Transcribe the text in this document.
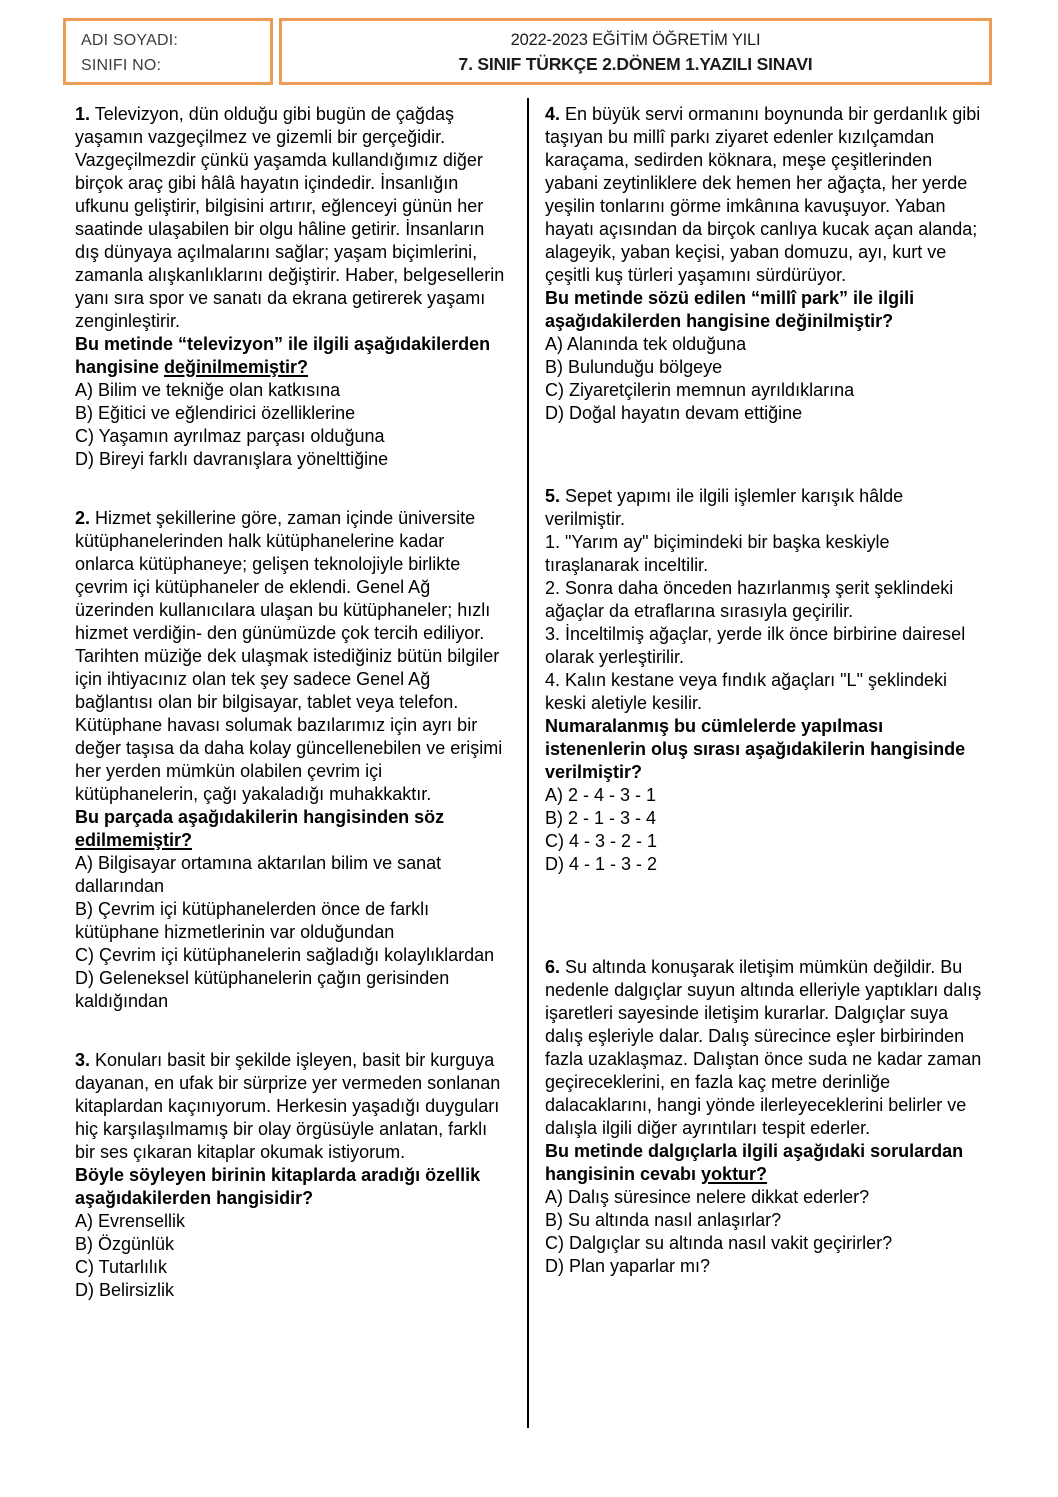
ADI SOYADI:
SINIFI NO:
2022-2023 EĞİTİM ÖĞRETİM YILI
7. SINIF TÜRKÇE 2.DÖNEM 1.YAZILI SINAVI

1. Televizyon, dün olduğu gibi bugün de çağdaş yaşamın vazgeçilmez ve gizemli bir gerçeğidir. Vazgeçilmezdir çünkü yaşamda kullandığımız diğer birçok araç gibi hâlâ hayatın içindedir. İnsanlığın ufkunu geliştirir, bilgisini artırır, eğlenceyi günün her saatinde ulaşabilen bir olgu hâline getirir. İnsanların dış dünyaya açılmalarını sağlar; yaşam biçimlerini, zamanla alışkanlıklarını değiştirir. Haber, belgesellerin yanı sıra spor ve sanatı da ekrana getirerek yaşamı zenginleştirir.

Bu metinde “televizyon” ile ilgili aşağıdakilerden hangisine değinilmemiştir?

A) Bilim ve tekniğe olan katkısına
B) Eğitici ve eğlendirici özelliklerine
C) Yaşamın ayrılmaz parçası olduğuna
D) Bireyi farklı davranışlara yönelttiğine

2. Hizmet şekillerine göre, zaman içinde üniversite kütüphanelerinden halk kütüphanelerine kadar onlarca kütüphaneye; gelişen teknolojiyle birlikte çevrim içi kütüphaneler de eklendi. Genel Ağ üzerinden kullanıcılara ulaşan bu kütüphaneler; hızlı hizmet verdiğin- den günümüzde çok tercih ediliyor. Tarihten müziğe dek ulaşmak istediğiniz bütün bilgiler için ihtiyacınız olan tek şey sadece Genel Ağ bağlantısı olan bir bilgisayar, tablet veya telefon. Kütüphane havası solumak bazılarımız için ayrı bir değer taşısa da daha kolay güncellenebilen ve erişimi her yerden mümkün olabilen çevrim içi kütüphanelerin, çağı yakaladığı muhakkaktır.

Bu parçada aşağıdakilerin hangisinden söz edilmemiştir?

A) Bilgisayar ortamına aktarılan bilim ve sanat dallarından
B) Çevrim içi kütüphanelerden önce de farklı kütüphane hizmetlerinin var olduğundan
C) Çevrim içi kütüphanelerin sağladığı kolaylıklardan
D) Geleneksel kütüphanelerin çağın gerisinden kaldığından

3. Konuları basit bir şekilde işleyen, basit bir kurguya dayanan, en ufak bir sürprize yer vermeden sonlanan kitaplardan kaçınıyorum. Herkesin yaşadığı duyguları hiç karşılaşılmamış bir olay örgüsüyle anlatan, farklı bir ses çıkaran kitaplar okumak istiyorum.

Böyle söyleyen birinin kitaplarda aradığı özellik aşağıdakilerden hangisidir?

A) Evrensellik
B) Özgünlük
C) Tutarlılık
D) Belirsizlik

4. En büyük servi ormanını boynunda bir gerdanlık gibi taşıyan bu millî parkı ziyaret edenler kızılçamdan karaçama, sedirden köknara, meşe çeşitlerinden yabani zeytinliklere dek hemen her ağaçta, her yerde yeşilin tonlarını görme imkânına kavuşuyor. Yaban hayatı açısından da birçok canlıya kucak açan alanda; alageyik, yaban keçisi, yaban domuzu, ayı, kurt ve çeşitli kuş türleri yaşamını sürdürüyor.

Bu metinde sözü edilen “millî park” ile ilgili aşağıdakilerden hangisine değinilmiştir?

A) Alanında tek olduğuna
B) Bulunduğu bölgeye
C) Ziyaretçilerin memnun ayrıldıklarına
D) Doğal hayatın devam ettiğine

5. Sepet yapımı ile ilgili işlemler karışık hâlde verilmiştir.

1. "Yarım ay" biçimindeki bir başka keskiyle tıraşlanarak inceltilir.

2. Sonra daha önceden hazırlanmış şerit şeklindeki ağaçlar da etraflarına sırasıyla geçirilir.

3. İnceltilmiş ağaçlar, yerde ilk önce birbirine dairesel olarak yerleştirilir.

4. Kalın kestane veya fındık ağaçları "L" şeklindeki keski aletiyle kesilir.

Numaralanmış bu cümlelerde yapılması istenenlerin oluş sırası aşağıdakilerin hangisinde verilmiştir?

A) 2 - 4 - 3 - 1
B) 2 - 1 - 3 - 4
C) 4 - 3 - 2 - 1
D) 4 - 1 - 3 - 2

6. Su altında konuşarak iletişim mümkün değildir. Bu nedenle dalgıçlar suyun altında elleriyle yaptıkları dalış işaretleri sayesinde iletişim kurarlar. Dalgıçlar suya dalış eşleriyle dalar. Dalış sürecince eşler birbirinden fazla uzaklaşmaz. Dalıştan önce suda ne kadar zaman geçireceklerini, en fazla kaç metre derinliğe dalacaklarını, hangi yönde ilerleyeceklerini belirler ve dalışla ilgili diğer ayrıntıları tespit ederler.

Bu metinde dalgıçlarla ilgili aşağıdaki sorulardan hangisinin cevabı yoktur?

A) Dalış süresince nelere dikkat ederler?
B) Su altında nasıl anlaşırlar?
C) Dalgıçlar su altında nasıl vakit geçirirler?
D) Plan yaparlar mı?
